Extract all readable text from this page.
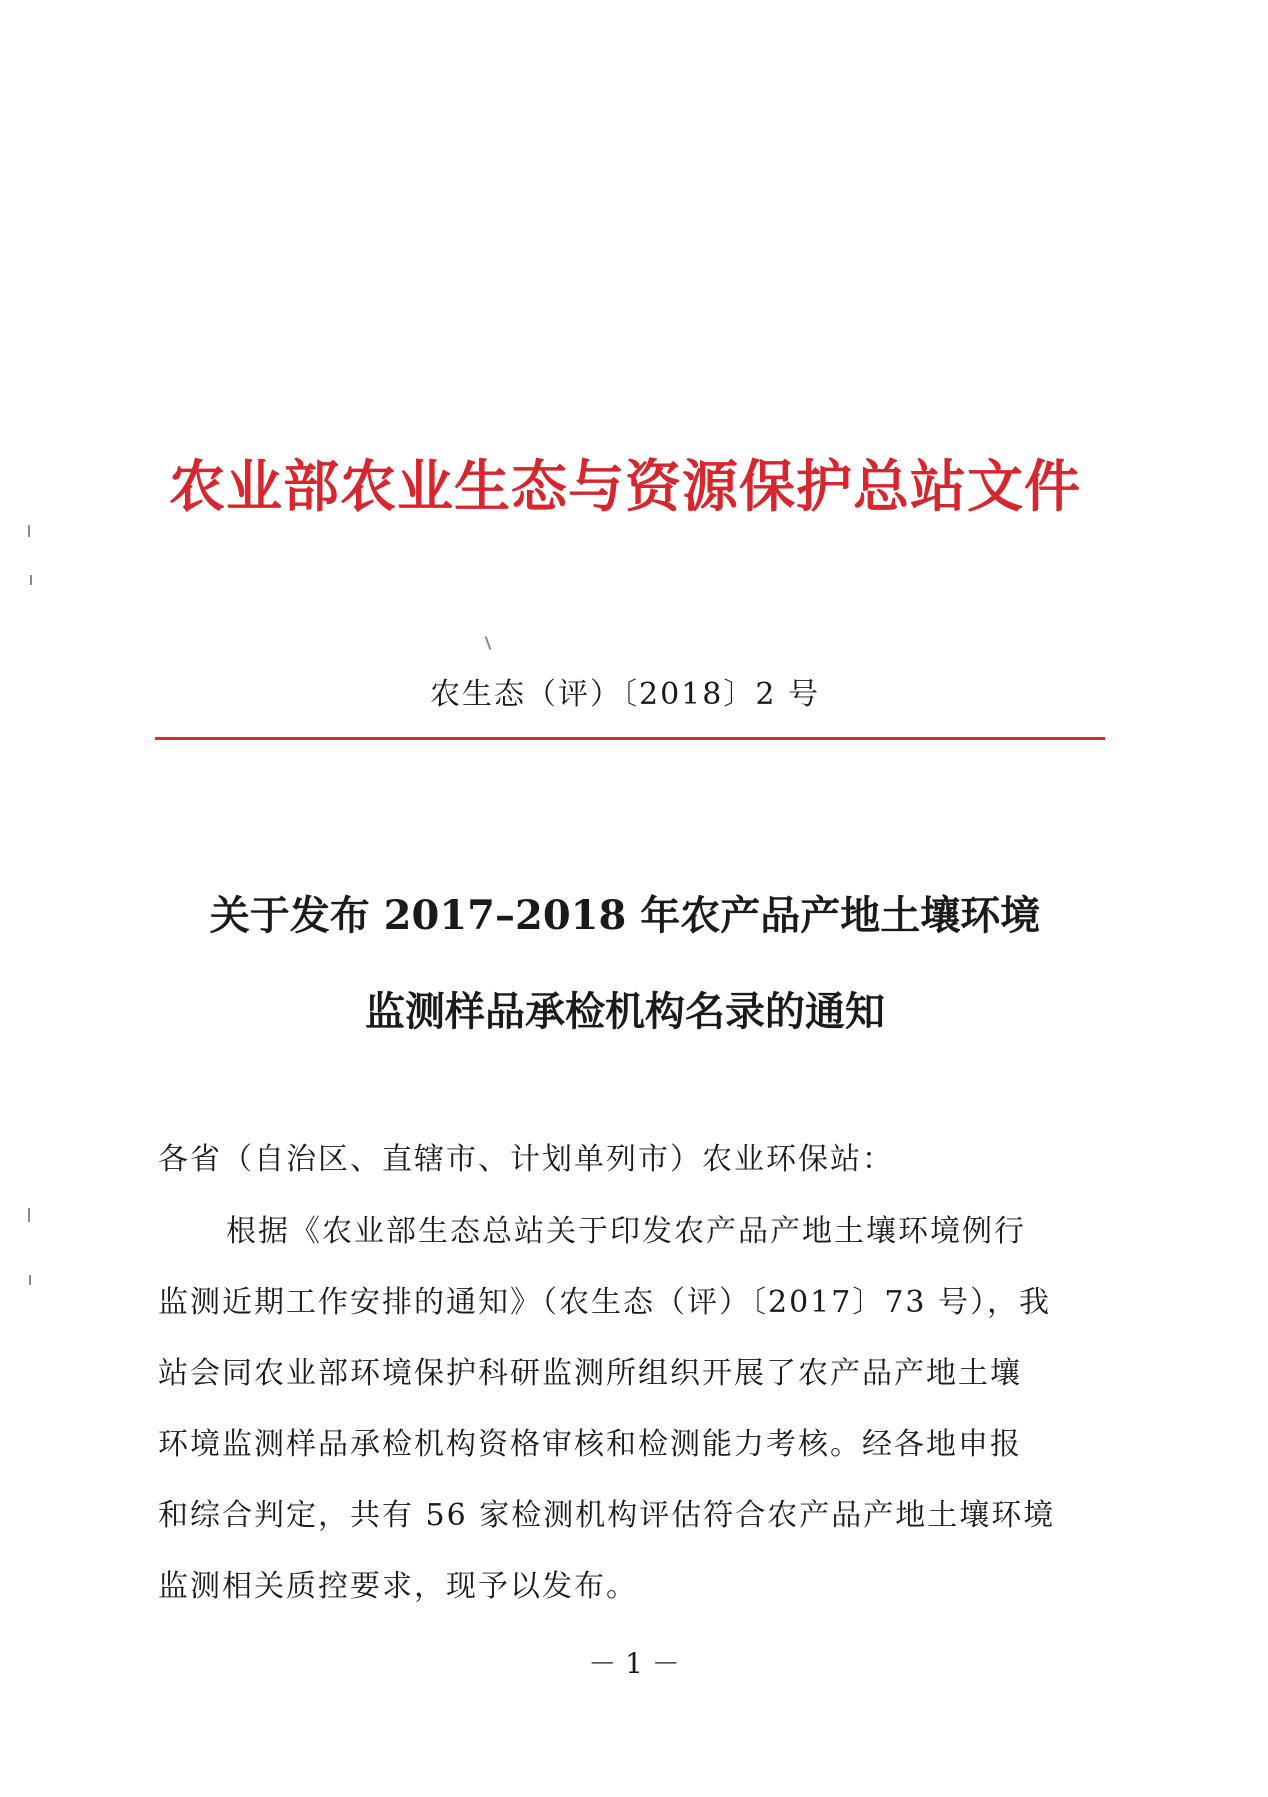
农业部农业生态与资源保护总站文件
农生态（评）〔2018〕2 号
关于发布 2017–2018 年农产品产地土壤环境
监测样品承检机构名录的通知
各省（自治区、直辖市、计划单列市）农业环保站：
根据《农业部生态总站关于印发农产品产地土壤环境例行
监测近期工作安排的通知》（农生态（评）〔2017〕73 号），我
站会同农业部环境保护科研监测所组织开展了农产品产地土壤
环境监测样品承检机构资格审核和检测能力考核。经各地申报
和综合判定，共有 56 家检测机构评估符合农产品产地土壤环境
监测相关质控要求，现予以发布。
－ 1 －
